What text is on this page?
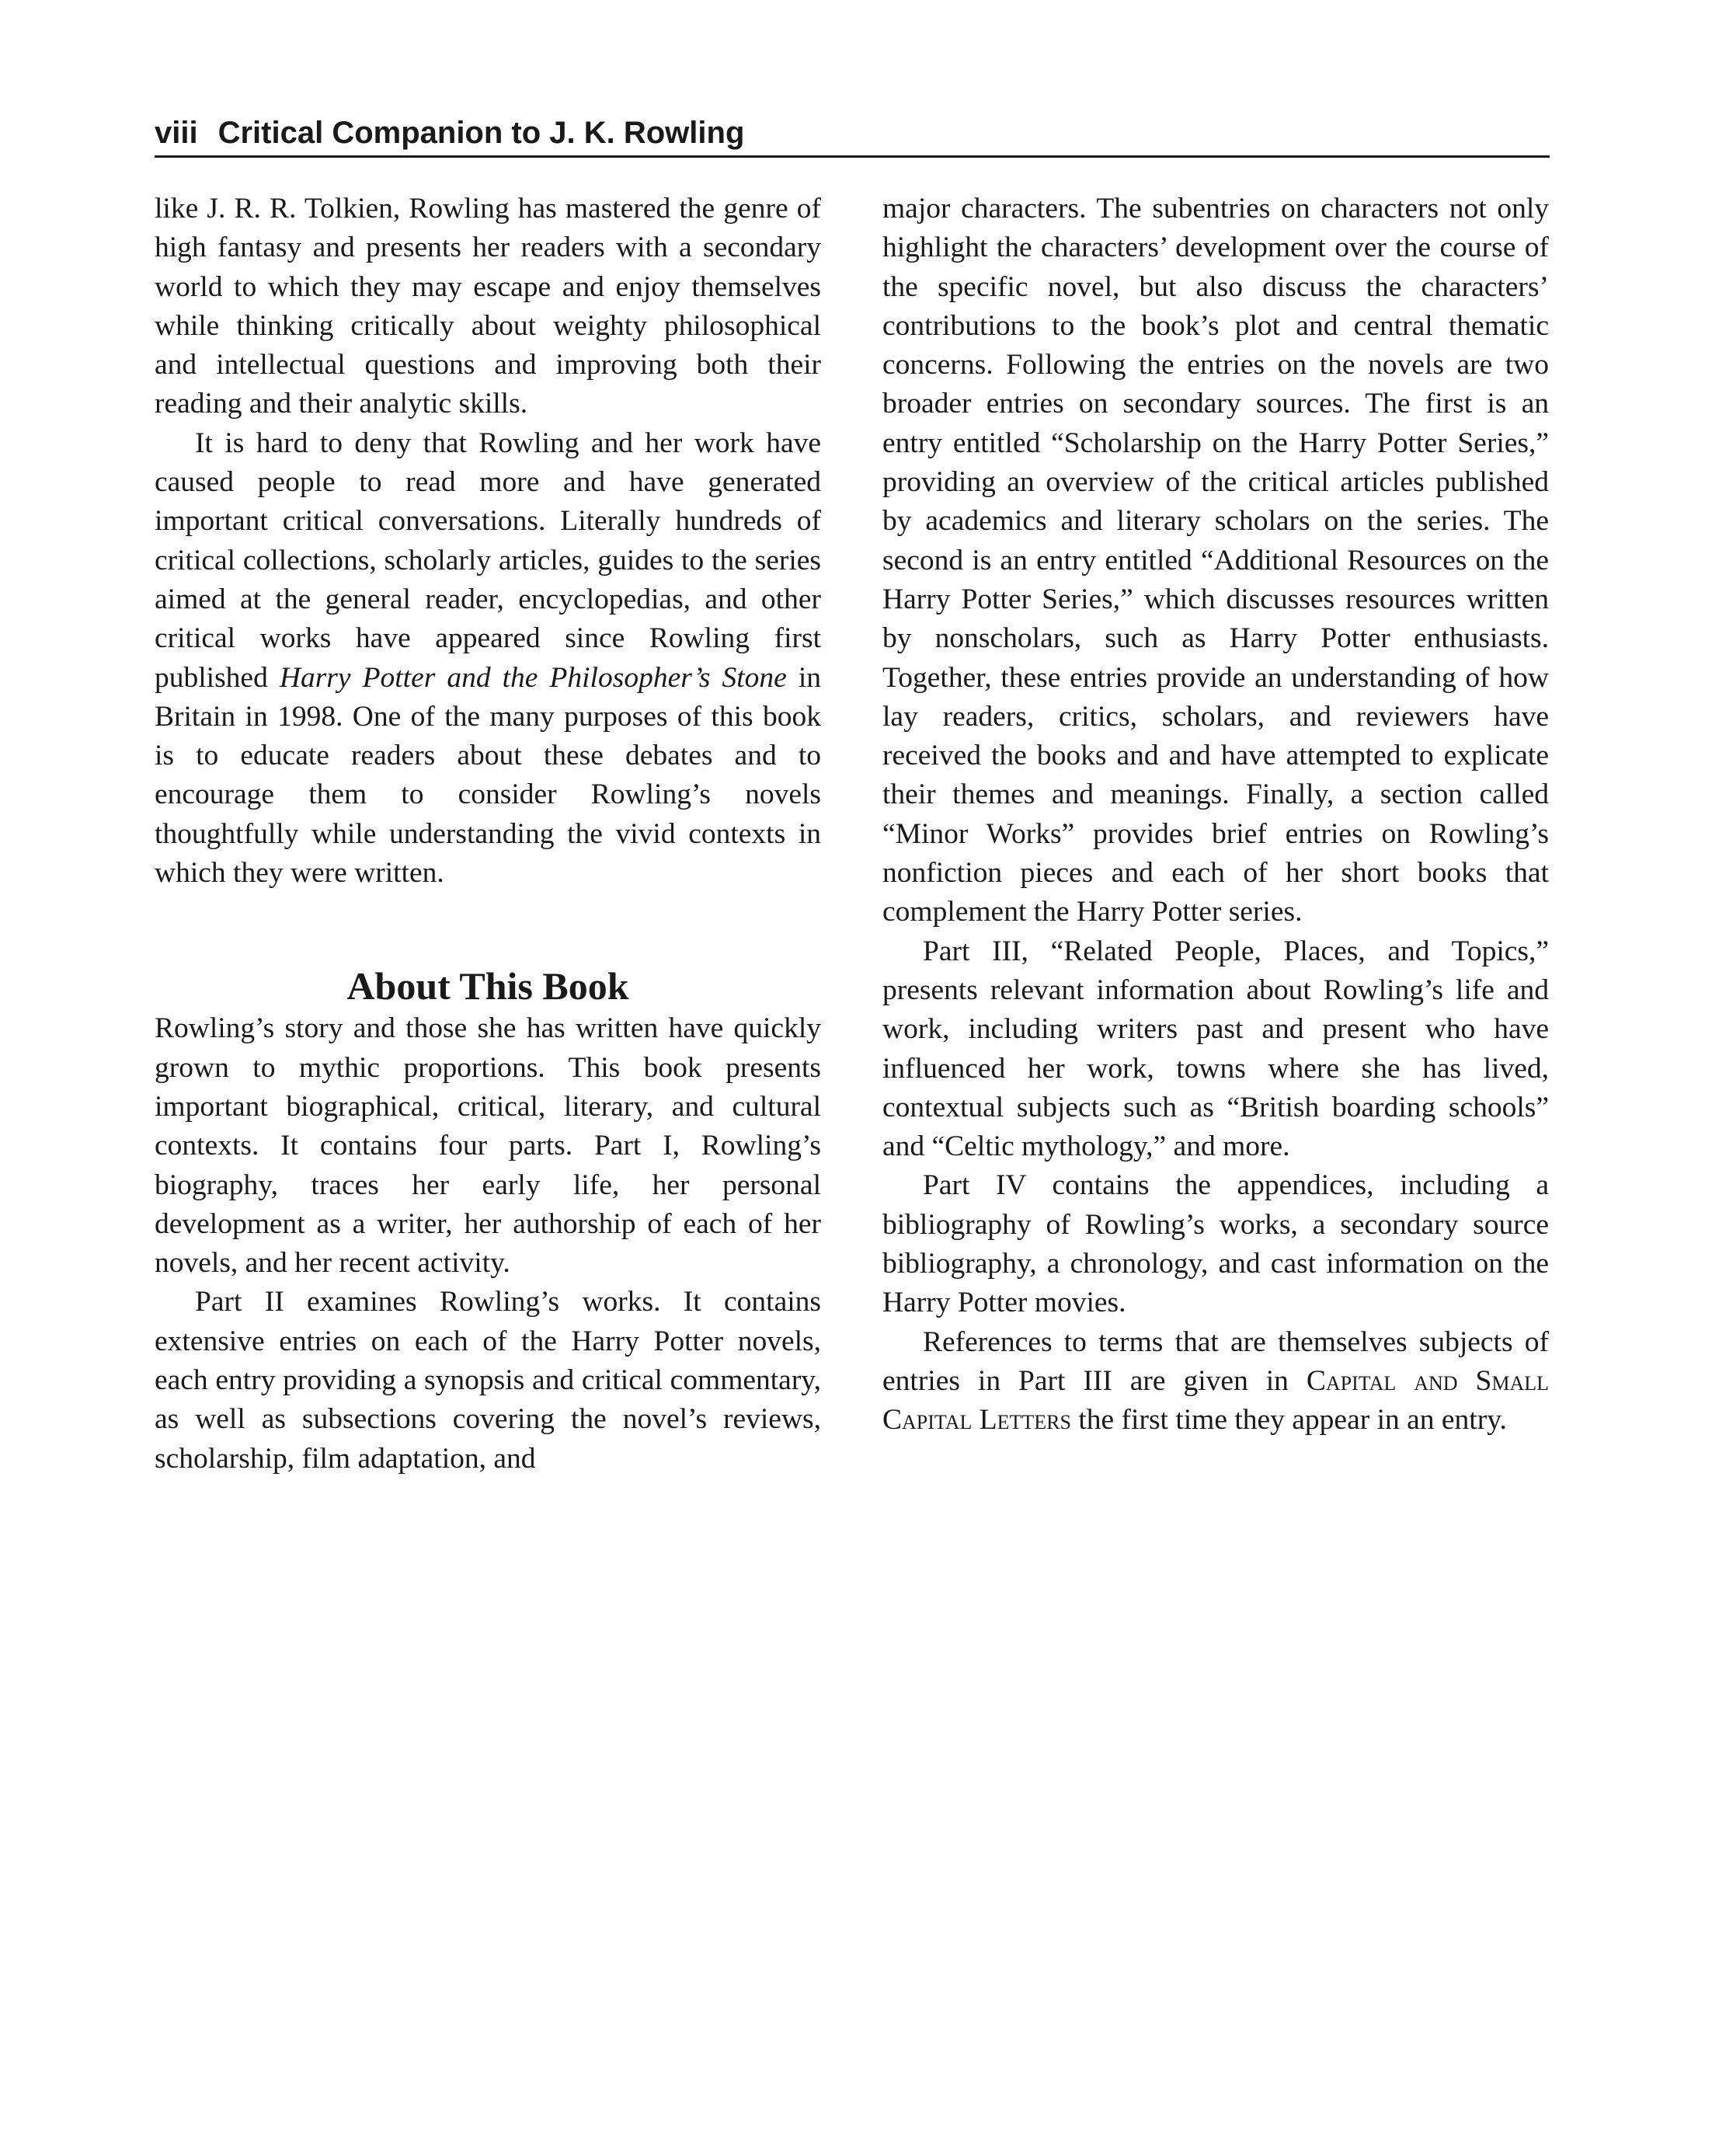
viii Critical Companion to J. K. Rowling

like J. R. R. Tolkien, Rowling has mastered the genre of high fantasy and presents her readers with a secondary world to which they may escape and enjoy themselves while thinking critically about weighty philosophical and intellectual questions and improving both their reading and their analytic skills.

It is hard to deny that Rowling and her work have caused people to read more and have generated important critical conversations. Literally hundreds of critical collections, scholarly articles, guides to the series aimed at the general reader, encyclopedias, and other critical works have appeared since Rowling first published Harry Potter and the Philosopher’s Stone in Britain in 1998. One of the many purposes of this book is to educate readers about these debates and to encourage them to consider Rowling’s novels thoughtfully while understanding the vivid contexts in which they were written.

About This Book

Rowling’s story and those she has written have quickly grown to mythic proportions. This book presents important biographical, critical, literary, and cultural contexts. It contains four parts. Part I, Rowling’s biography, traces her early life, her personal development as a writer, her authorship of each of her novels, and her recent activity.

Part II examines Rowling’s works. It contains extensive entries on each of the Harry Potter novels, each entry providing a synopsis and critical commentary, as well as subsections covering the novel’s reviews, scholarship, film adaptation, and

major characters. The subentries on characters not only highlight the characters’ development over the course of the specific novel, but also discuss the characters’ contributions to the book’s plot and central thematic concerns. Following the entries on the novels are two broader entries on secondary sources. The first is an entry entitled “Scholarship on the Harry Potter Series,” providing an overview of the critical articles published by academics and literary scholars on the series. The second is an entry entitled “Additional Resources on the Harry Potter Series,” which discusses resources written by nonscholars, such as Harry Potter enthusiasts. Together, these entries provide an understanding of how lay readers, critics, scholars, and reviewers have received the books and and have attempted to explicate their themes and meanings. Finally, a section called “Minor Works” provides brief entries on Rowling’s nonfiction pieces and each of her short books that complement the Harry Potter series.

Part III, “Related People, Places, and Topics,” presents relevant information about Rowling’s life and work, including writers past and present who have influenced her work, towns where she has lived, contextual subjects such as “British boarding schools” and “Celtic mythology,” and more.

Part IV contains the appendices, including a bibliography of Rowling’s works, a secondary source bibliography, a chronology, and cast information on the Harry Potter movies.

References to terms that are themselves subjects of entries in Part III are given in Capital and Small Capital Letters the first time they appear in an entry.
